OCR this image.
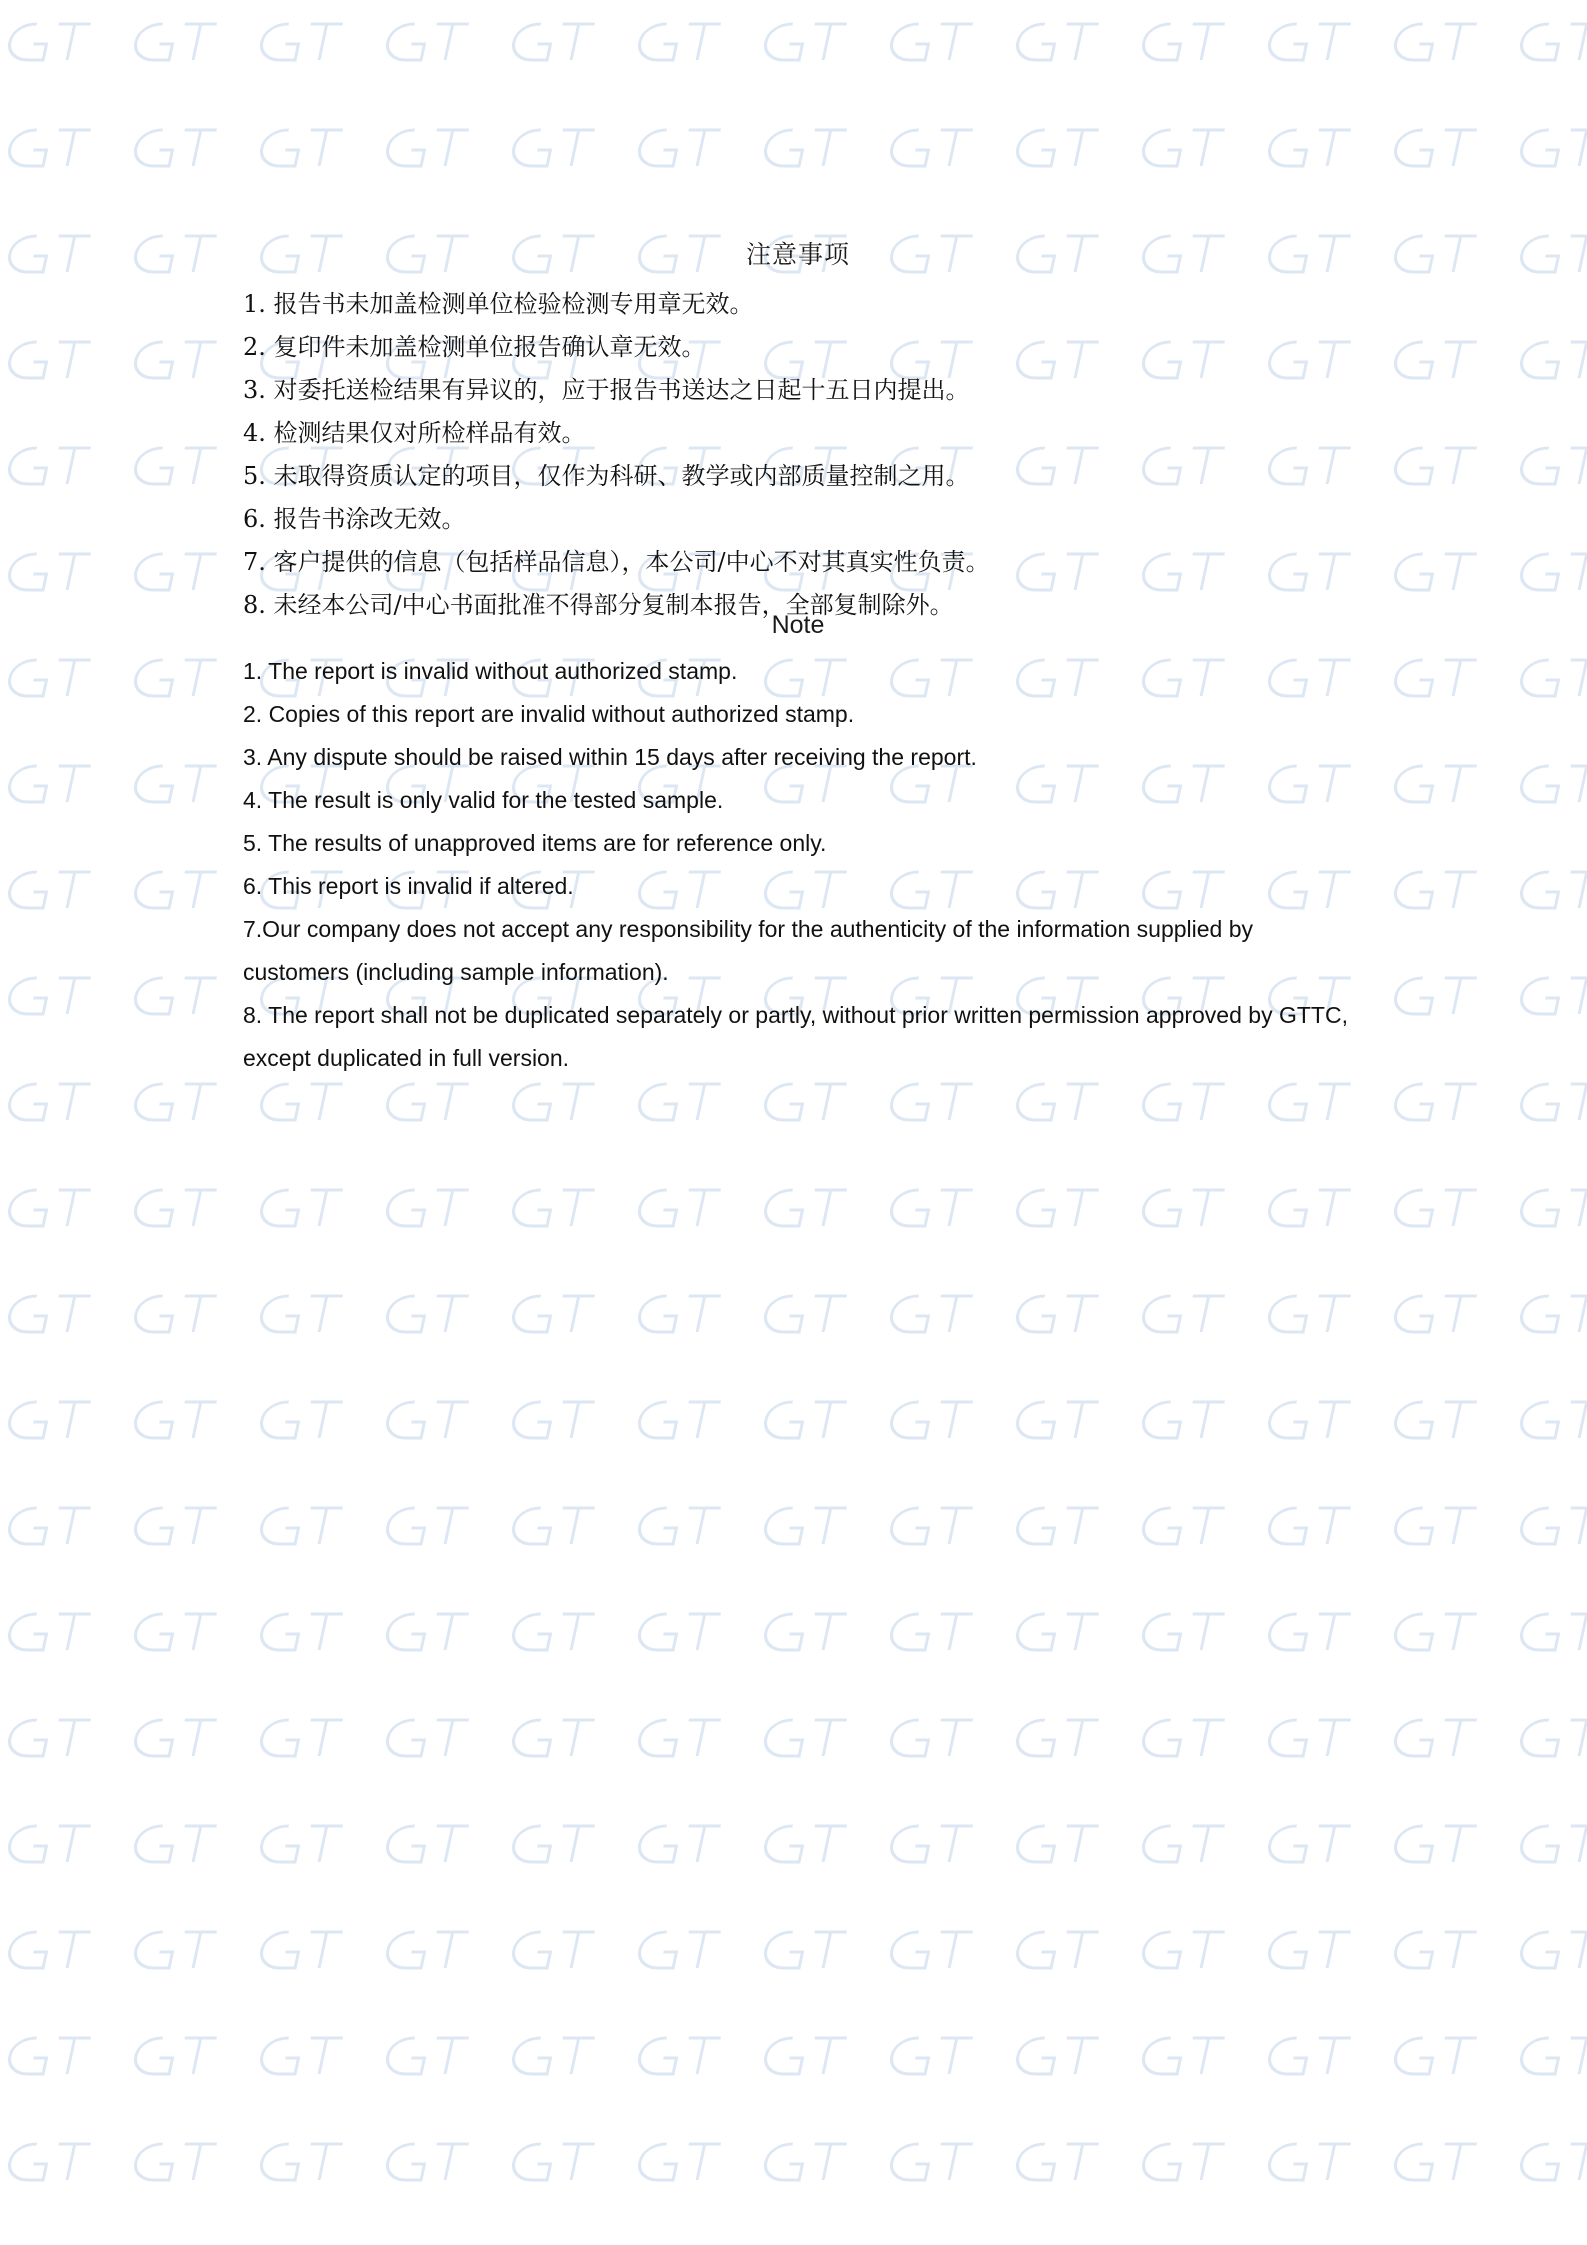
注意事项
1. 报告书未加盖检测单位检验检测专用章无效。
2. 复印件未加盖检测单位报告确认章无效。
3. 对委托送检结果有异议的，应于报告书送达之日起十五日内提出。
4. 检测结果仅对所检样品有效。
5. 未取得资质认定的项目，仅作为科研、教学或内部质量控制之用。
6. 报告书涂改无效。
7. 客户提供的信息（包括样品信息），本公司/中心不对其真实性负责。
8. 未经本公司/中心书面批准不得部分复制本报告，全部复制除外。
Note
1. The report is invalid without authorized stamp.
2. Copies of this report are invalid without authorized stamp.
3. Any dispute should be raised within 15 days after receiving the report.
4. The result is only valid for the tested sample.
5. The results of unapproved items are for reference only.
6. This report is invalid if altered.
7.Our company does not accept any responsibility for the authenticity of the information supplied by customers (including sample information).
8. The report shall not be duplicated separately or partly, without prior written permission approved by GTTC, except duplicated in full version.
